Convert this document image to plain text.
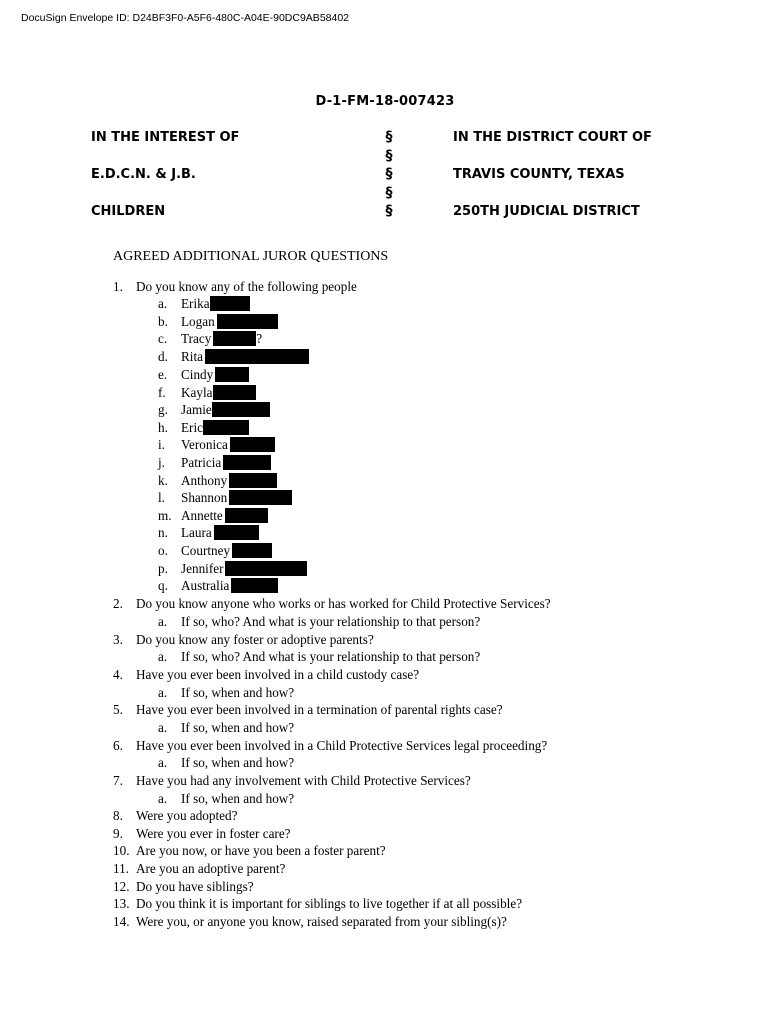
DocuSign Envelope ID: D24BF3F0-A5F6-480C-A04E-90DC9AB58402
D-1-FM-18-007423
IN THE INTEREST OF
E.D.C.N. & J.B.
CHILDREN
§
§
§
§
§
IN THE DISTRICT COURT OF
TRAVIS COUNTY, TEXAS
250TH JUDICIAL DISTRICT
AGREED ADDITIONAL JUROR QUESTIONS
1. Do you know any of the following people
a. Erika
b. Logan
c. Tracy	?
d. Rita
e. Cindy
f. Kayla
g. Jamie
h. Eric
i. Veronica
j. Patricia
k. Anthony
l. Shannon
m. Annette
n. Laura
o. Courtney
p. Jennifer
q. Australia
2. Do you know anyone who works or has worked for Child Protective Services?
a. If so, who? And what is your relationship to that person?
3. Do you know any foster or adoptive parents?
a. If so, who? And what is your relationship to that person?
4. Have you ever been involved in a child custody case?
a. If so, when and how?
5. Have you ever been involved in a termination of parental rights case?
a. If so, when and how?
6. Have you ever been involved in a Child Protective Services legal proceeding?
a. If so, when and how?
7. Have you had any involvement with Child Protective Services?
a. If so, when and how?
8. Were you adopted?
9. Were you ever in foster care?
10. Are you now, or have you been a foster parent?
11. Are you an adoptive parent?
12. Do you have siblings?
13. Do you think it is important for siblings to live together if at all possible?
14. Were you, or anyone you know, raised separated from your sibling(s)?
